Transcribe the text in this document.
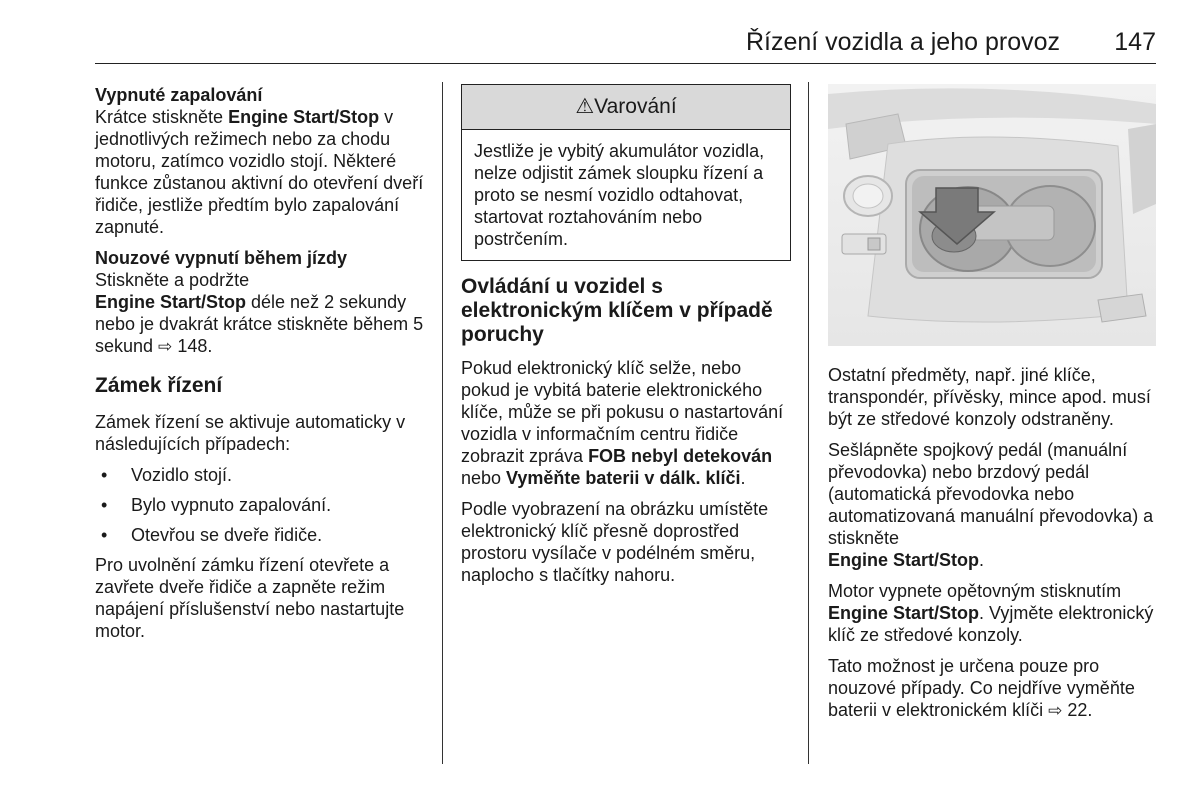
Řízení vozidla a jeho provoz 147

Vypnuté zapalování
Krátce stiskněte Engine Start/Stop v jednotlivých režimech nebo za chodu motoru, zatímco vozidlo stojí. Některé funkce zůstanou aktivní do otevření dveří řidiče, jestliže předtím bylo zapalování zapnuté.

Nouzové vypnutí během jízdy
Stiskněte a podržte
Engine Start/Stop déle než 2 sekundy nebo je dvakrát krátce stiskněte během 5 sekund ⇨ 148.

Zámek řízení

Zámek řízení se aktivuje automaticky v následujících případech:

• Vozidlo stojí.
• Bylo vypnuto zapalování.
• Otevřou se dveře řidiče.

Pro uvolnění zámku řízení otevřete a zavřete dveře řidiče a zapněte režim napájení příslušenství nebo nastartujte motor.

⚠Varování
Jestliže je vybitý akumulátor vozidla, nelze odjistit zámek sloupku řízení a proto se nesmí vozidlo odtahovat, startovat roztahováním nebo postrčením.
Ovládání u vozidel s elektronickým klíčem v případě poruchy

Pokud elektronický klíč selže, nebo pokud je vybitá baterie elektronického klíče, může se při pokusu o nastartování vozidla v informačním centru řidiče zobrazit zpráva FOB nebyl detekován nebo Vyměňte baterii v dálk. klíči.

Podle vyobrazení na obrázku umístěte elektronický klíč přesně doprostřed prostoru vysílače v podélném směru, naplocho s tlačítky nahoru.

Ostatní předměty, např. jiné klíče, transpondér, přívěsky, mince apod. musí být ze středové konzoly odstraněny.

Sešlápněte spojkový pedál (manuální převodovka) nebo brzdový pedál (automatická převodovka nebo automatizovaná manuální převodovka) a stiskněte
Engine Start/Stop.

Motor vypnete opětovným stisknutím Engine Start/Stop. Vyjměte elektronický klíč ze středové konzoly.

Tato možnost je určena pouze pro nouzové případy. Co nejdříve vyměňte baterii v elektronickém klíči ⇨ 22.
